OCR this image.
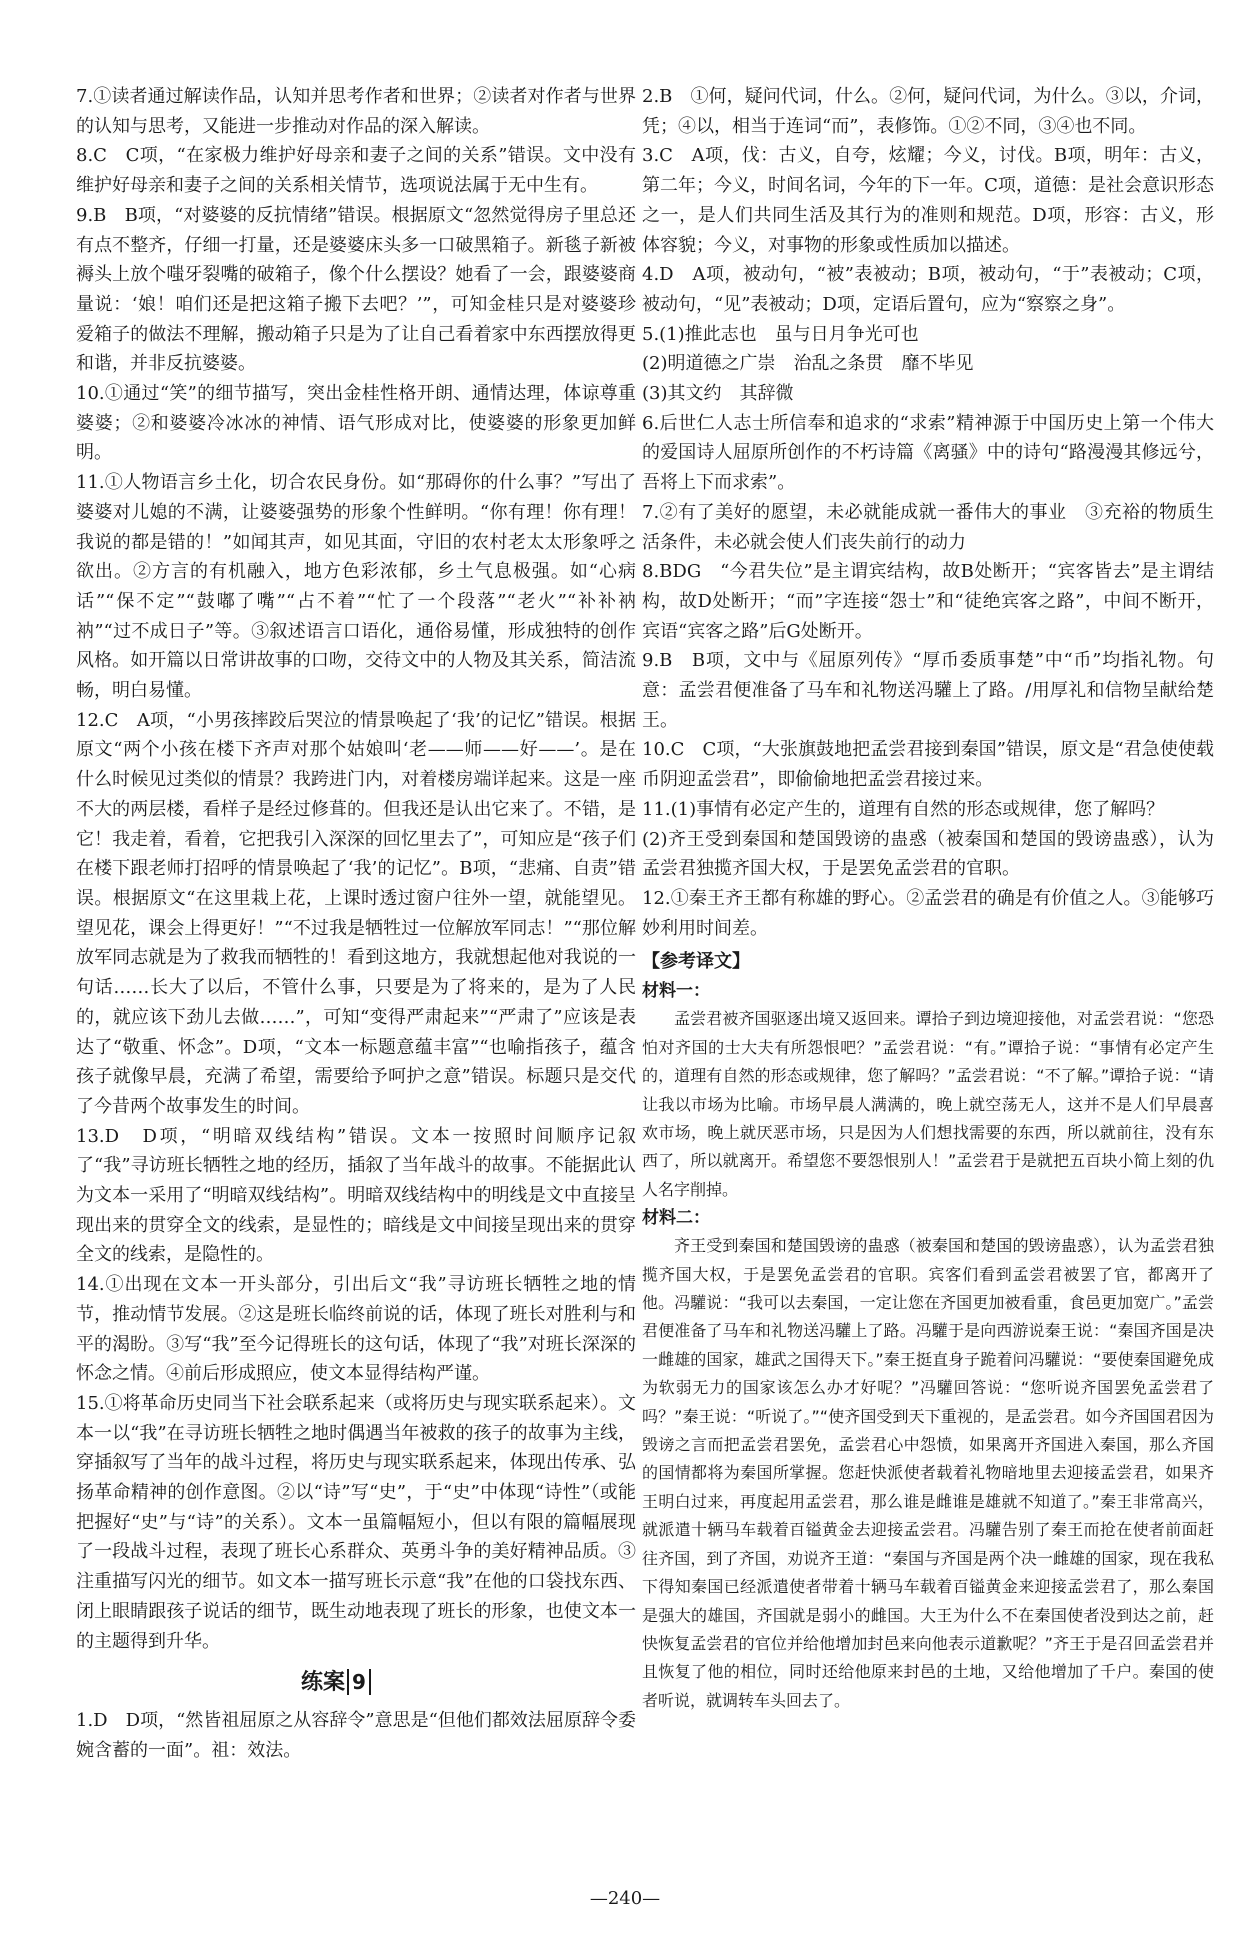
7.①读者通过解读作品，认知并思考作者和世界；②读者对作者与世界的认知与思考，又能进一步推动对作品的深入解读。

8.C　C项，“在家极力维护好母亲和妻子之间的关系”错误。文中没有维护好母亲和妻子之间的关系相关情节，选项说法属于无中生有。

9.B　B项，“对婆婆的反抗情绪”错误。根据原文“忽然觉得房子里总还有点不整齐，仔细一打量，还是婆婆床头多一口破黑箱子。新毯子新被褥头上放个嗤牙裂嘴的破箱子，像个什么摆设？她看了一会，跟婆婆商量说：‘娘！咱们还是把这箱子搬下去吧？’”，可知金桂只是对婆婆珍爱箱子的做法不理解，搬动箱子只是为了让自己看着家中东西摆放得更和谐，并非反抗婆婆。

10.①通过“笑”的细节描写，突出金桂性格开朗、通情达理，体谅尊重婆婆；②和婆婆冷冰冰的神情、语气形成对比，使婆婆的形象更加鲜明。

11.①人物语言乡土化，切合农民身份。如“那碍你的什么事？”写出了婆婆对儿媳的不满，让婆婆强势的形象个性鲜明。“你有理！你有理！我说的都是错的！”如闻其声，如见其面，守旧的农村老太太形象呼之欲出。②方言的有机融入，地方色彩浓郁，乡土气息极强。如“心病话”“保不定”“鼓嘟了嘴”“占不着”“忙了一个段落”“老火”“补补衲衲”“过不成日子”等。③叙述语言口语化，通俗易懂，形成独特的创作风格。如开篇以日常讲故事的口吻，交待文中的人物及其关系，简洁流畅，明白易懂。

12.C　A项，“小男孩摔跤后哭泣的情景唤起了‘我’的记忆”错误。根据原文“两个小孩在楼下齐声对那个姑娘叫‘老——师——好——’。是在什么时候见过类似的情景？我跨进门内，对着楼房端详起来。这是一座不大的两层楼，看样子是经过修葺的。但我还是认出它来了。不错，是它！我走着，看着，它把我引入深深的回忆里去了”，可知应是“孩子们在楼下跟老师打招呼的情景唤起了‘我’的记忆”。B项，“悲痛、自责”错误。根据原文“在这里栽上花，上课时透过窗户往外一望，就能望见。望见花，课会上得更好！”“不过我是牺牲过一位解放军同志！”“那位解放军同志就是为了救我而牺牲的！看到这地方，我就想起他对我说的一句话……长大了以后，不管什么事，只要是为了将来的，是为了人民的，就应该下劲儿去做……”，可知“变得严肃起来”“严肃了”应该是表达了“敬重、怀念”。D项，“文本一标题意蕴丰富”“也喻指孩子，蕴含孩子就像早晨，充满了希望，需要给予呵护之意”错误。标题只是交代了今昔两个故事发生的时间。

13.D　D项，“明暗双线结构”错误。文本一按照时间顺序记叙了“我”寻访班长牺牲之地的经历，插叙了当年战斗的故事。不能据此认为文本一采用了“明暗双线结构”。明暗双线结构中的明线是文中直接呈现出来的贯穿全文的线索，是显性的；暗线是文中间接呈现出来的贯穿全文的线索，是隐性的。

14.①出现在文本一开头部分，引出后文“我”寻访班长牺牲之地的情节，推动情节发展。②这是班长临终前说的话，体现了班长对胜利与和平的渴盼。③写“我”至今记得班长的这句话，体现了“我”对班长深深的怀念之情。④前后形成照应，使文本显得结构严谨。

15.①将革命历史同当下社会联系起来（或将历史与现实联系起来）。文本一以“我”在寻访班长牺牲之地时偶遇当年被救的孩子的故事为主线，穿插叙写了当年的战斗过程，将历史与现实联系起来，体现出传承、弘扬革命精神的创作意图。②以“诗”写“史”，于“史”中体现“诗性”（或能把握好“史”与“诗”的关系）。文本一虽篇幅短小，但以有限的篇幅展现了一段战斗过程，表现了班长心系群众、英勇斗争的美好精神品质。③注重描写闪光的细节。如文本一描写班长示意“我”在他的口袋找东西、闭上眼睛跟孩子说话的细节，既生动地表现了班长的形象，也使文本一的主题得到升华。

练案 9

1.D　D项，“然皆祖屈原之从容辞令”意思是“但他们都效法屈原辞令委婉含蓄的一面”。祖：效法。

2.B　①何，疑问代词，什么。②何，疑问代词，为什么。③以，介词，凭；④以，相当于连词“而”，表修饰。①②不同，③④也不同。

3.C　A项，伐：古义，自夸，炫耀；今义，讨伐。B项，明年：古义，第二年；今义，时间名词，今年的下一年。C项，道德：是社会意识形态之一，是人们共同生活及其行为的准则和规范。D项，形容：古义，形体容貌；今义，对事物的形象或性质加以描述。

4.D　A项，被动句，“被”表被动；B项，被动句，“于”表被动；C项，被动句，“见”表被动；D项，定语后置句，应为“察察之身”。

5.(1)推此志也　虽与日月争光可也
(2)明道德之广崇　治乱之条贯　靡不毕见
(3)其文约　其辞微

6.后世仁人志士所信奉和追求的“求索”精神源于中国历史上第一个伟大的爱国诗人屈原所创作的不朽诗篇《离骚》中的诗句“路漫漫其修远兮，吾将上下而求索”。

7.②有了美好的愿望，未必就能成就一番伟大的事业　③充裕的物质生活条件，未必就会使人们丧失前行的动力

8.BDG　“今君失位”是主谓宾结构，故B处断开；“宾客皆去”是主谓结构，故D处断开；“而”字连接“怨士”和“徒绝宾客之路”，中间不断开，宾语“宾客之路”后G处断开。

9.B　B项，文中与《屈原列传》“厚币委质事楚”中“币”均指礼物。句意：孟尝君便准备了马车和礼物送冯驩上了路。/用厚礼和信物呈献给楚王。

10.C　C项，“大张旗鼓地把孟尝君接到秦国”错误，原文是“君急使使载币阴迎孟尝君”，即偷偷地把孟尝君接过来。

11.(1)事情有必定产生的，道理有自然的形态或规律，您了解吗？
(2)齐王受到秦国和楚国毁谤的蛊惑（被秦国和楚国的毁谤蛊惑），认为孟尝君独揽齐国大权，于是罢免孟尝君的官职。

12.①秦王齐王都有称雄的野心。②孟尝君的确是有价值之人。③能够巧妙利用时间差。

【参考译文】
材料一：

孟尝君被齐国驱逐出境又返回来。谭拾子到边境迎接他，对孟尝君说：“您恐怕对齐国的士大夫有所怨恨吧？”孟尝君说：“有。”谭拾子说：“事情有必定产生的，道理有自然的形态或规律，您了解吗？”孟尝君说：“不了解。”谭拾子说：“请让我以市场为比喻。市场早晨人满满的，晚上就空荡无人，这并不是人们早晨喜欢市场，晚上就厌恶市场，只是因为人们想找需要的东西，所以就前往，没有东西了，所以就离开。希望您不要怨恨别人！”孟尝君于是就把五百块小简上刻的仇人名字削掉。

材料二：

齐王受到秦国和楚国毁谤的蛊惑（被秦国和楚国的毁谤蛊惑），认为孟尝君独揽齐国大权，于是罢免孟尝君的官职。宾客们看到孟尝君被罢了官，都离开了他。冯驩说：“我可以去秦国，一定让您在齐国更加被看重，食邑更加宽广。”孟尝君便准备了马车和礼物送冯驩上了路。冯驩于是向西游说秦王说：“秦国齐国是决一雌雄的国家，雄武之国得天下。”秦王挺直身子跪着问冯驩说：“要使秦国避免成为软弱无力的国家该怎么办才好呢？”冯驩回答说：“您听说齐国罢免孟尝君了吗？”秦王说：“听说了。”“使齐国受到天下重视的，是孟尝君。如今齐国国君因为毁谤之言而把孟尝君罢免，孟尝君心中怨愤，如果离开齐国进入秦国，那么齐国的国情都将为秦国所掌握。您赶快派使者载着礼物暗地里去迎接孟尝君，如果齐王明白过来，再度起用孟尝君，那么谁是雌谁是雄就不知道了。”秦王非常高兴，就派遣十辆马车载着百镒黄金去迎接孟尝君。冯驩告别了秦王而抢在使者前面赶往齐国，到了齐国，劝说齐王道：“秦国与齐国是两个决一雌雄的国家，现在我私下得知秦国已经派遣使者带着十辆马车载着百镒黄金来迎接孟尝君了，那么秦国是强大的雄国，齐国就是弱小的雌国。大王为什么不在秦国使者没到达之前，赶快恢复孟尝君的官位并给他增加封邑来向他表示道歉呢？”齐王于是召回孟尝君并且恢复了他的相位，同时还给他原来封邑的土地，又给他增加了千户。秦国的使者听说，就调转车头回去了。

—240—
